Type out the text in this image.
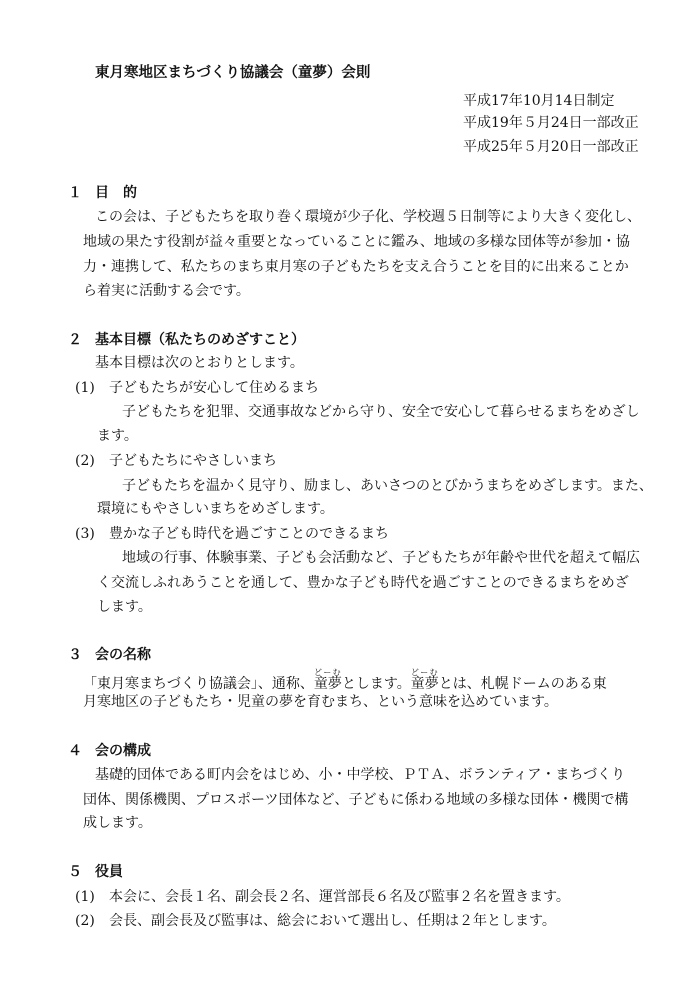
東月寒地区まちづくり協議会（童夢）会則
平成17年10月14日制定
平成19年５月24日一部改正
平成25年５月20日一部改正
１ 目　的
この会は、子どもたちを取り巻く環境が少子化、学校週５日制等により大きく変化し、
地域の果たす役割が益々重要となっていることに鑑み、地域の多様な団体等が参加・協
力・連携して、私たちのまち東月寒の子どもたちを支え合うことを目的に出来ることか
ら着実に活動する会です。
２ 基本目標（私たちのめざすこと）
基本目標は次のとおりとします。
(1) 子どもたちが安心して住めるまち
子どもたちを犯罪、交通事故などから守り、安全で安心して暮らせるまちをめざし
ます。
(2) 子どもたちにやさしいまち
子どもたちを温かく見守り、励まし、あいさつのとびかうまちをめざします。また、
環境にもやさしいまちをめざします。
(3) 豊かな子ども時代を過ごすことのできるまち
地域の行事、体験事業、子ども会活動など、子どもたちが年齢や世代を超えて幅広
く交流しふれあうことを通して、豊かな子ども時代を過ごすことのできるまちをめざ
します。
３ 会の名称
「東月寒まちづくり協議会」、通称、童夢どーむとします。童夢どーむとは、札幌ドームのある東
月寒地区の子どもたち・児童の夢を育むまち、という意味を込めています。
４ 会の構成
基礎的団体である町内会をはじめ、小・中学校、ＰＴＡ、ボランティア・まちづくり
団体、関係機関、プロスポーツ団体など、子どもに係わる地域の多様な団体・機関で構
成します。
５ 役員
(1) 本会に、会長１名、副会長２名、運営部長６名及び監事２名を置きます。
(2) 会長、副会長及び監事は、総会において選出し、任期は２年とします。
